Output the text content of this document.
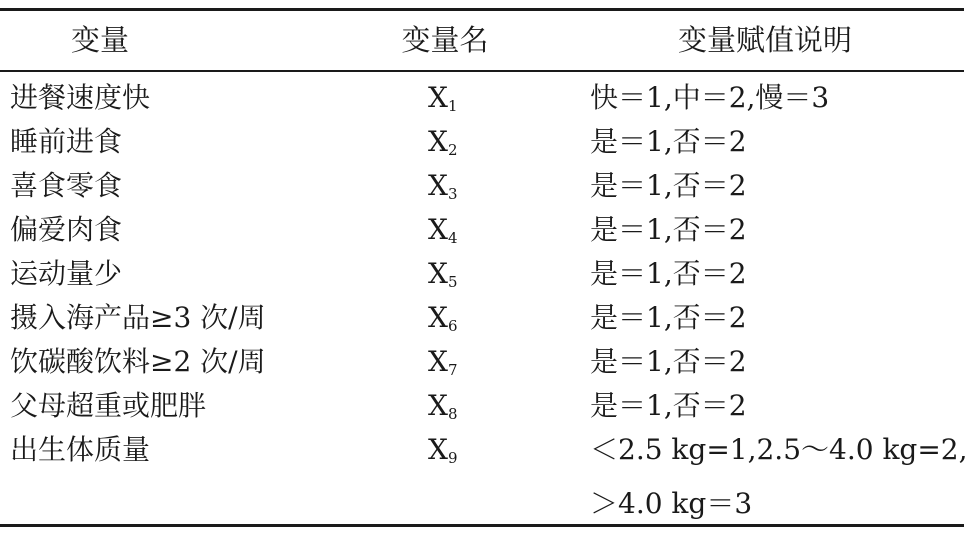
变量	变量名	变量赋值说明
进餐速度快	$X_1$	快＝1,中＝2,慢＝3
睡前进食	$X_2$	是＝1,否＝2
喜食零食	$X_3$	是＝1,否＝2
偏爱肉食	$X_4$	是＝1,否＝2
运动量少	$X_5$	是＝1,否＝2
摄入海产品≥3 次/周	$X_6$	是＝1,否＝2
饮碳酸饮料≥2 次/周	$X_7$	是＝1,否＝2
父母超重或肥胖	$X_8$	是＝1,否＝2
出生体质量	$X_9$	＜2.5 kg=1,2.5～4.0 kg=2,
＞4.0 kg＝3
